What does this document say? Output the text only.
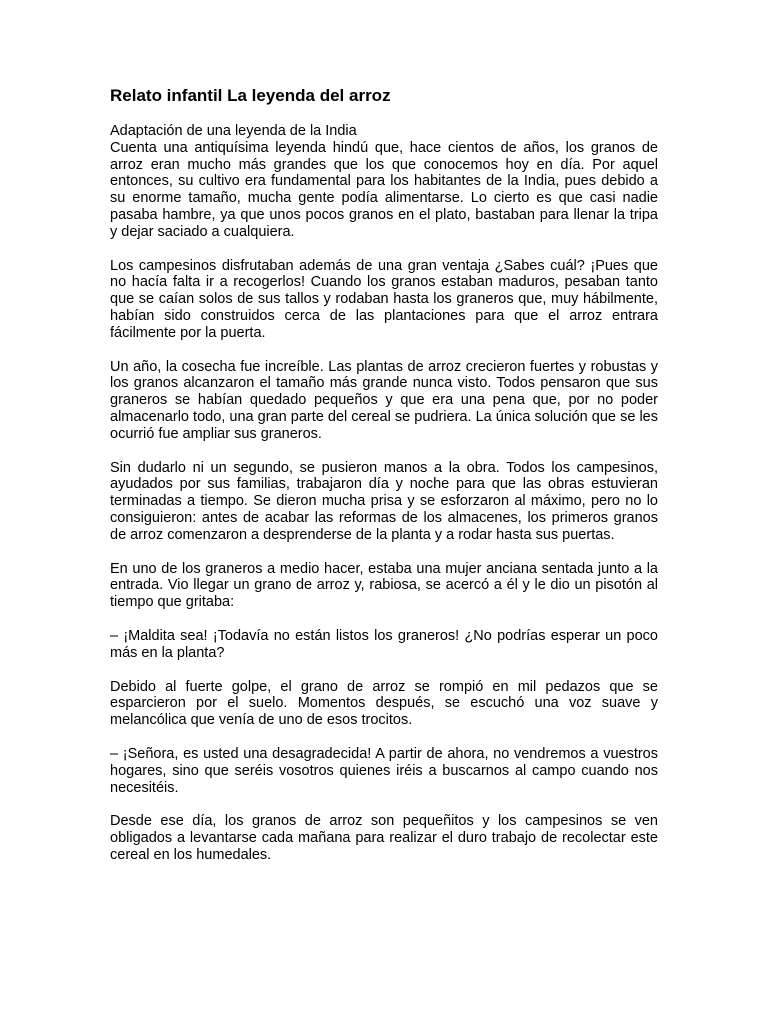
Relato infantil La leyenda del arroz

Adaptación de una leyenda de la India

Cuenta una antiquísima leyenda hindú que, hace cientos de años, los granos de arroz eran mucho más grandes que los que conocemos hoy en día. Por aquel entonces, su cultivo era fundamental para los habitantes de la India, pues debido a su enorme tamaño, mucha gente podía alimentarse. Lo cierto es que casi nadie pasaba hambre, ya que unos pocos granos en el plato, bastaban para llenar la tripa y dejar saciado a cualquiera.

Los campesinos disfrutaban además de una gran ventaja ¿Sabes cuál? ¡Pues que no hacía falta ir a recogerlos! Cuando los granos estaban maduros, pesaban tanto que se caían solos de sus tallos y rodaban hasta los graneros que, muy hábilmente, habían sido construidos cerca de las plantaciones para que el arroz entrara fácilmente por la puerta.

Un año, la cosecha fue increíble. Las plantas de arroz crecieron fuertes y robustas y los granos alcanzaron el tamaño más grande nunca visto. Todos pensaron que sus graneros se habían quedado pequeños y que era una pena que, por no poder almacenarlo todo, una gran parte del cereal se pudriera. La única solución que se les ocurrió fue ampliar sus graneros.

Sin dudarlo ni un segundo, se pusieron manos a la obra. Todos los campesinos, ayudados por sus familias, trabajaron día y noche para que las obras estuvieran terminadas a tiempo. Se dieron mucha prisa y se esforzaron al máximo, pero no lo consiguieron: antes de acabar las reformas de los almacenes, los primeros granos de arroz comenzaron a desprenderse de la planta y a rodar hasta sus puertas.

En uno de los graneros a medio hacer, estaba una mujer anciana sentada junto a la entrada. Vio llegar un grano de arroz y, rabiosa, se acercó a él y le dio un pisotón al tiempo que gritaba:

– ¡Maldita sea! ¡Todavía no están listos los graneros! ¿No podrías esperar un poco más en la planta?

Debido al fuerte golpe, el grano de arroz se rompió en mil pedazos que se esparcieron por el suelo. Momentos después, se escuchó una voz suave y melancólica que venía de uno de esos trocitos.

– ¡Señora, es usted una desagradecida! A partir de ahora, no vendremos a vuestros hogares, sino que seréis vosotros quienes iréis a buscarnos al campo cuando nos necesitéis.

Desde ese día, los granos de arroz son pequeñitos y los campesinos se ven obligados a levantarse cada mañana para realizar el duro trabajo de recolectar este cereal en los humedales.
